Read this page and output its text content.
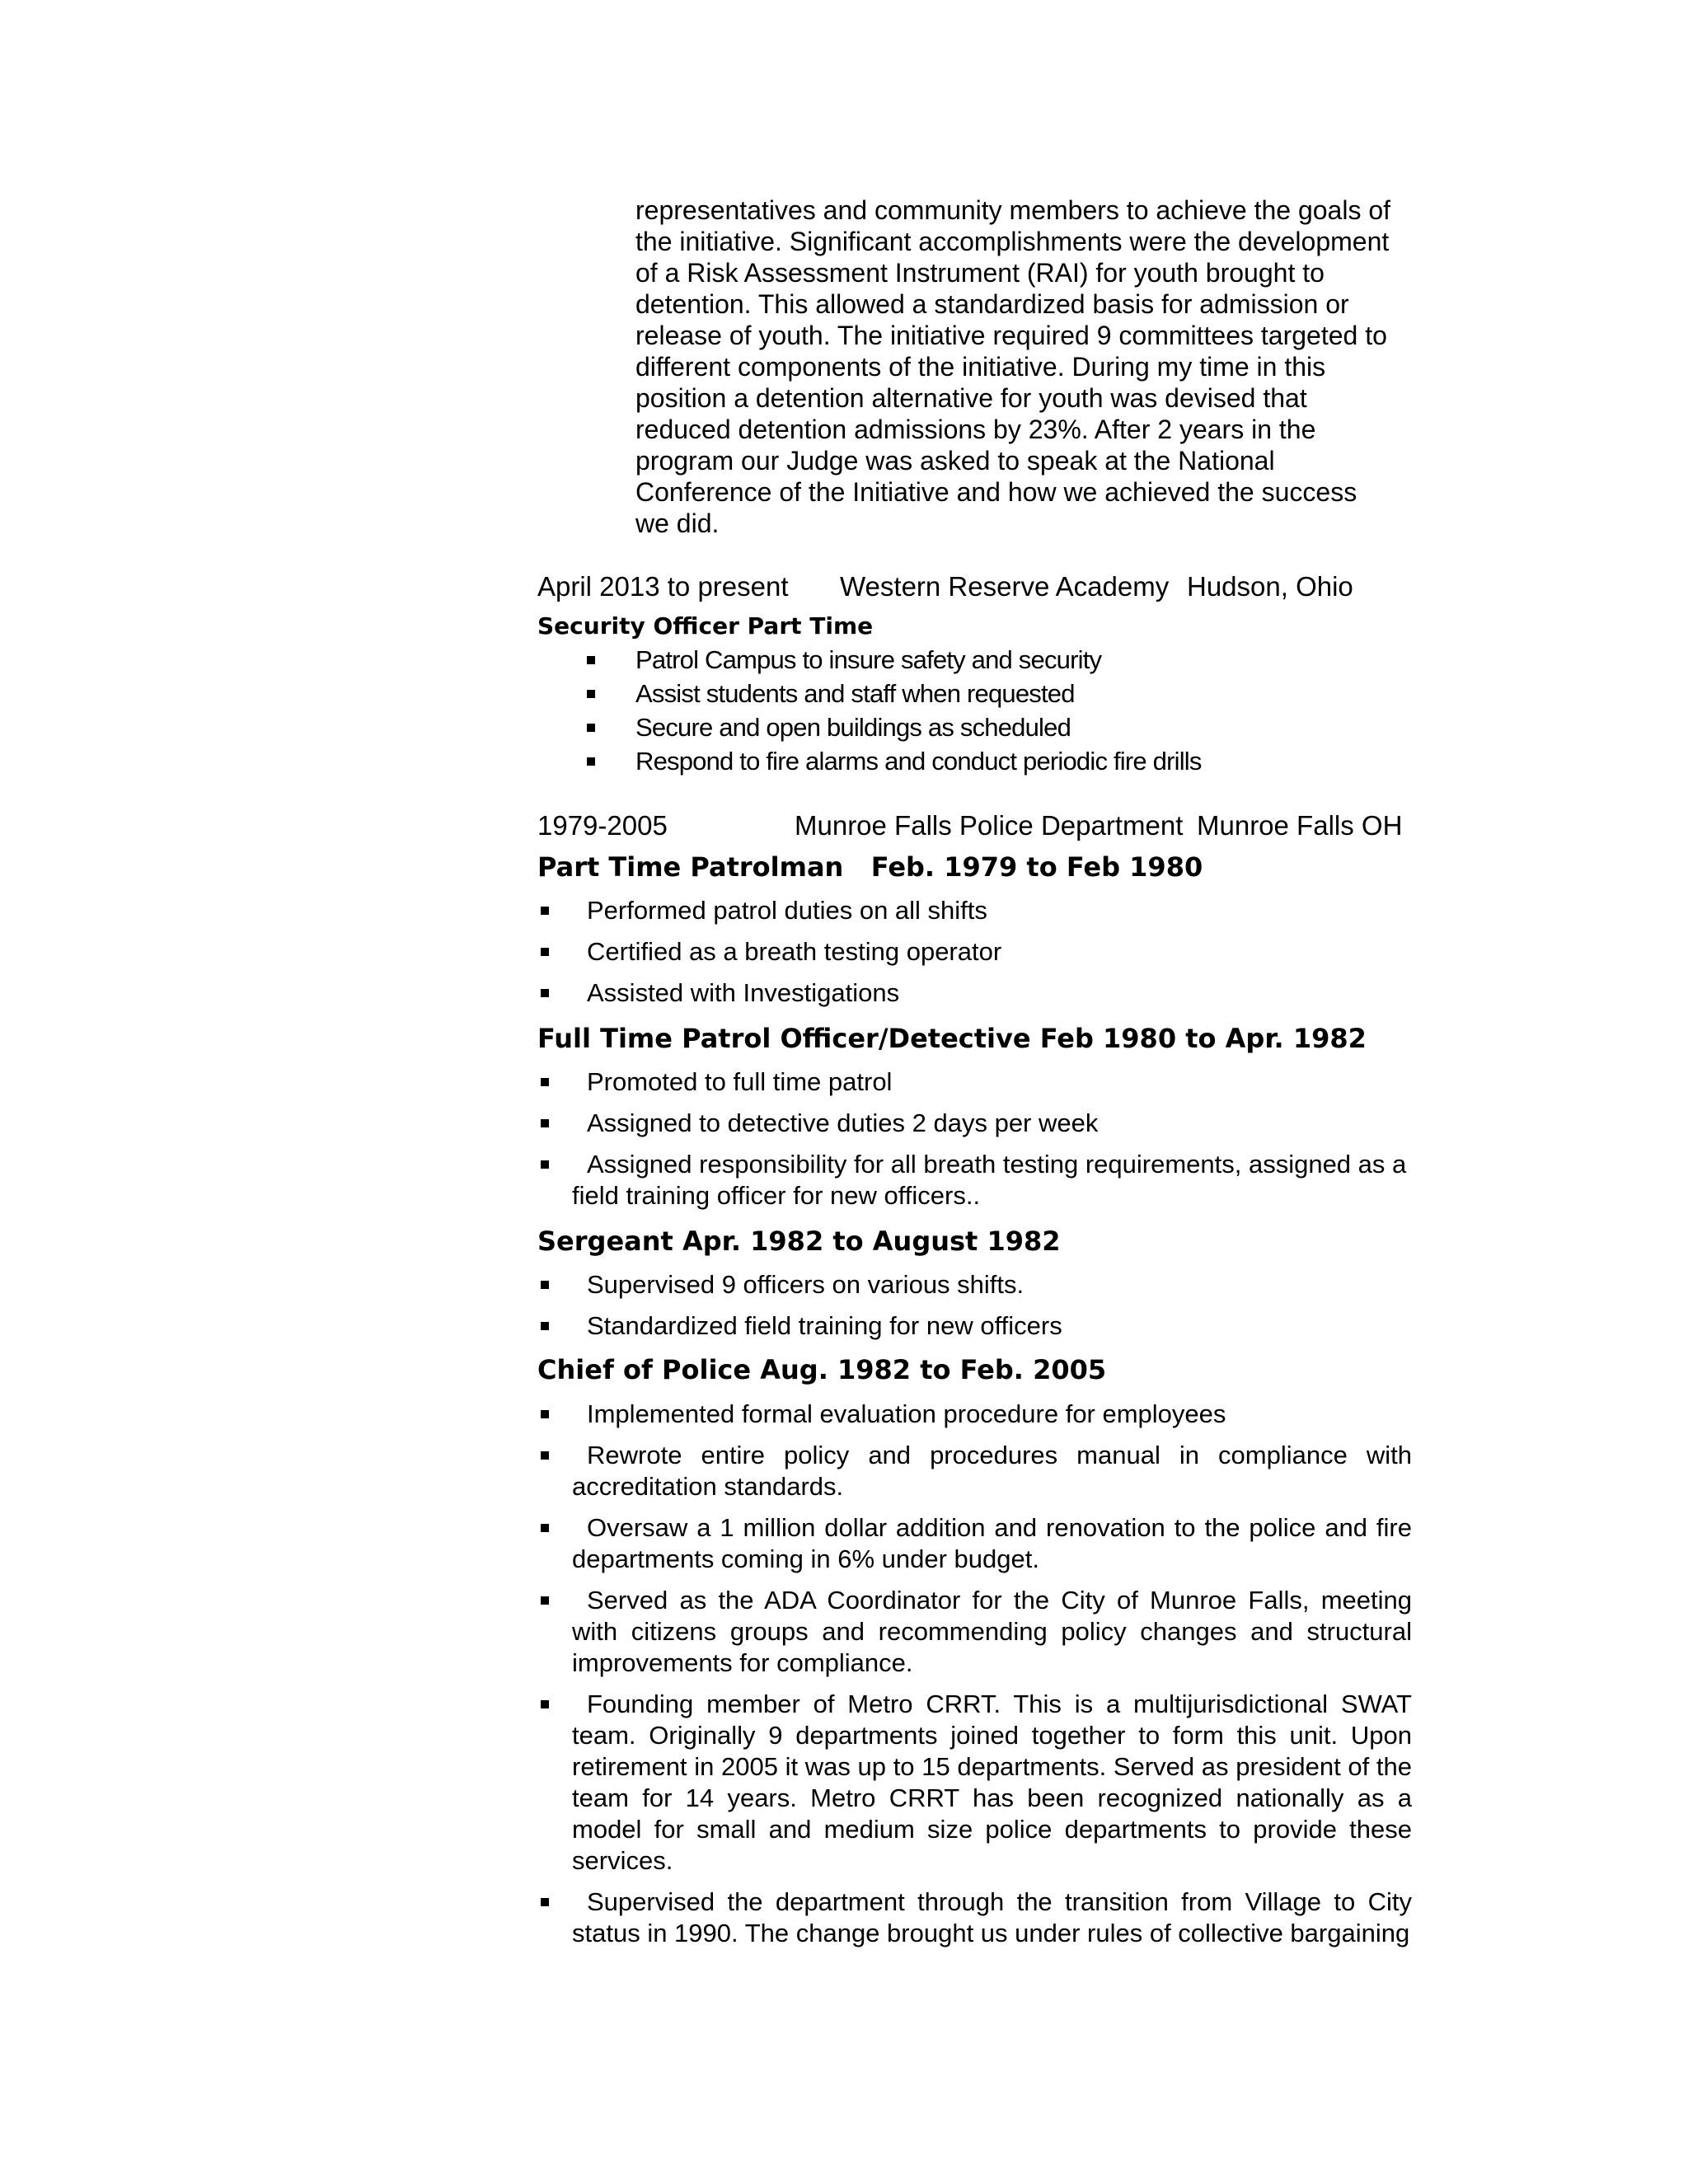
representatives and community members to achieve the goals of
the initiative. Significant accomplishments were the development
of a Risk Assessment Instrument (RAI) for youth brought to
detention. This allowed a standardized basis for admission or
release of youth. The initiative required 9 committees targeted to
different components of the initiative. During my time in this
position a detention alternative for youth was devised that
reduced detention admissions by 23%. After 2 years in the
program our Judge was asked to speak at the National
Conference of the Initiative and how we achieved the success
we did.
April 2013 to present Western Reserve Academy Hudson, Ohio
Security Officer Part Time
Patrol Campus to insure safety and security
Assist students and staff when requested
Secure and open buildings as scheduled
Respond to fire alarms and conduct periodic fire drills
1979-2005	Munroe Falls Police Department Munroe Falls OH
Part Time Patrolman   Feb. 1979 to Feb 1980
Performed patrol duties on all shifts
Certified as a breath testing operator
Assisted with Investigations
Full Time Patrol Officer/Detective Feb 1980 to Apr. 1982
Promoted to full time patrol
Assigned to detective duties 2 days per week
Assigned responsibility for all breath testing requirements, assigned as a field training officer for new officers..
Sergeant Apr. 1982 to August 1982
Supervised 9 officers on various shifts.
Standardized field training for new officers
Chief of Police Aug. 1982 to Feb. 2005
Implemented formal evaluation procedure for employees
Rewrote entire policy and procedures manual in compliance with accreditation standards.
Oversaw a 1 million dollar addition and renovation to the police and fire departments coming in 6% under budget.
Served as the ADA Coordinator for the City of Munroe Falls, meeting with citizens groups and recommending policy changes and structural improvements for compliance.
Founding member of Metro CRRT. This is a multijurisdictional SWAT team. Originally 9 departments joined together to form this unit. Upon retirement in 2005 it was up to 15 departments. Served as president of the team for 14 years. Metro CRRT has been recognized nationally as a model for small and medium size police departments to provide these services.
Supervised the department through the transition from Village to City status in 1990. The change brought us under rules of collective bargaining
